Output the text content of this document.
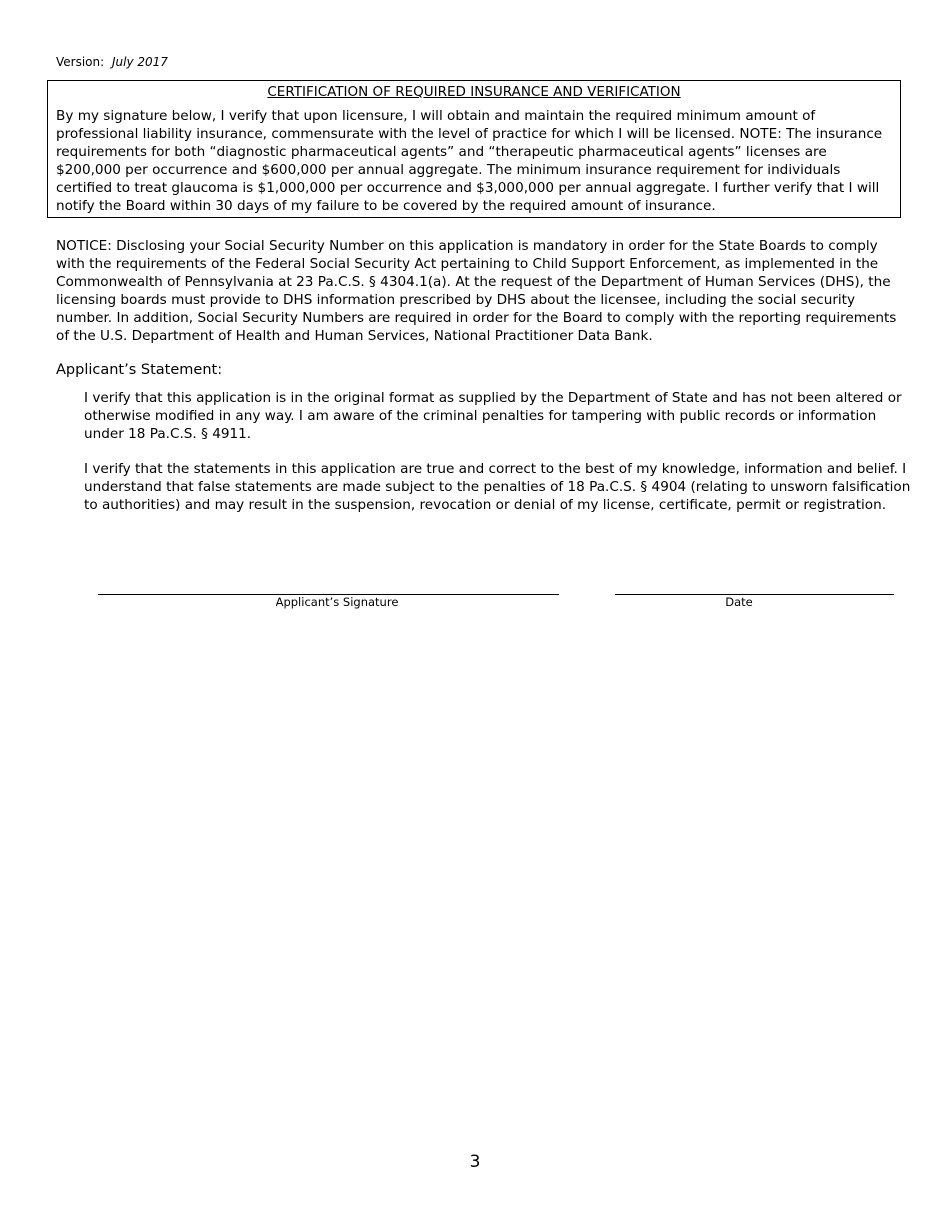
Version: July 2017
CERTIFICATION OF REQUIRED INSURANCE AND VERIFICATION
By my signature below, I verify that upon licensure, I will obtain and maintain the required minimum amount of professional liability insurance, commensurate with the level of practice for which I will be licensed. NOTE: The insurance requirements for both “diagnostic pharmaceutical agents” and “therapeutic pharmaceutical agents” licenses are $200,000 per occurrence and $600,000 per annual aggregate. The minimum insurance requirement for individuals certified to treat glaucoma is $1,000,000 per occurrence and $3,000,000 per annual aggregate. I further verify that I will notify the Board within 30 days of my failure to be covered by the required amount of insurance.
NOTICE: Disclosing your Social Security Number on this application is mandatory in order for the State Boards to comply with the requirements of the Federal Social Security Act pertaining to Child Support Enforcement, as implemented in the Commonwealth of Pennsylvania at 23 Pa.C.S. § 4304.1(a). At the request of the Department of Human Services (DHS), the licensing boards must provide to DHS information prescribed by DHS about the licensee, including the social security number. In addition, Social Security Numbers are required in order for the Board to comply with the reporting requirements of the U.S. Department of Health and Human Services, National Practitioner Data Bank.
Applicant’s Statement:
I verify that this application is in the original format as supplied by the Department of State and has not been altered or otherwise modified in any way. I am aware of the criminal penalties for tampering with public records or information under 18 Pa.C.S. § 4911.
I verify that the statements in this application are true and correct to the best of my knowledge, information and belief. I understand that false statements are made subject to the penalties of 18 Pa.C.S. § 4904 (relating to unsworn falsification to authorities) and may result in the suspension, revocation or denial of my license, certificate, permit or registration.
Applicant’s Signature	Date
3
